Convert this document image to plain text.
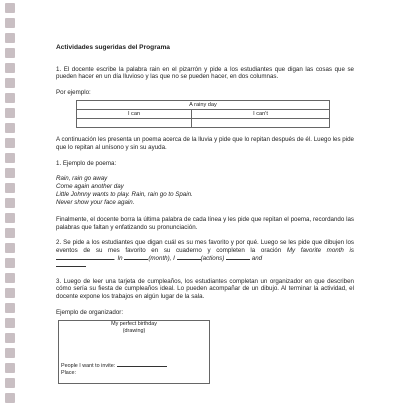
Actividades sugeridas del Programa

1. El docente escribe la palabra rain en el pizarrón y pide a los estudiantes que digan las cosas que se pueden hacer en un día lluvioso y las que no se pueden hacer, en dos columnas.

Por ejemplo:

A rainy day	
I can	I can't

A continuación les presenta un poema acerca de la lluvia y pide que lo repitan después de él. Luego les pide que lo repitan al unísono y sin su ayuda.

1. Ejemplo de poema:

Rain, rain go away
Come again another day
Little Johnny wants to play. Rain, rain go to Spain.
Never show your face again.

Finalmente, el docente borra la última palabra de cada línea y les pide que repitan el poema, recordando las palabras que faltan y enfatizando su pronunciación.

2. Se pide a los estudiantes que digan cuál es su mes favorito y por qué. Luego se les pide que dibujen los eventos de su mes favorito en su cuaderno y completen la oración My favorite month is . In	(month), I	(actions)	and

3. Luego de leer una tarjeta de cumpleaños, los estudiantes completan un organizador en que describen cómo sería su fiesta de cumpleaños ideal. Lo pueden acompañar de un dibujo. Al terminar la actividad, el docente expone los trabajos en algún lugar de la sala.

Ejemplo de organizador:

My perfect birthday
(drawing)
People I want to invite:
Place:
